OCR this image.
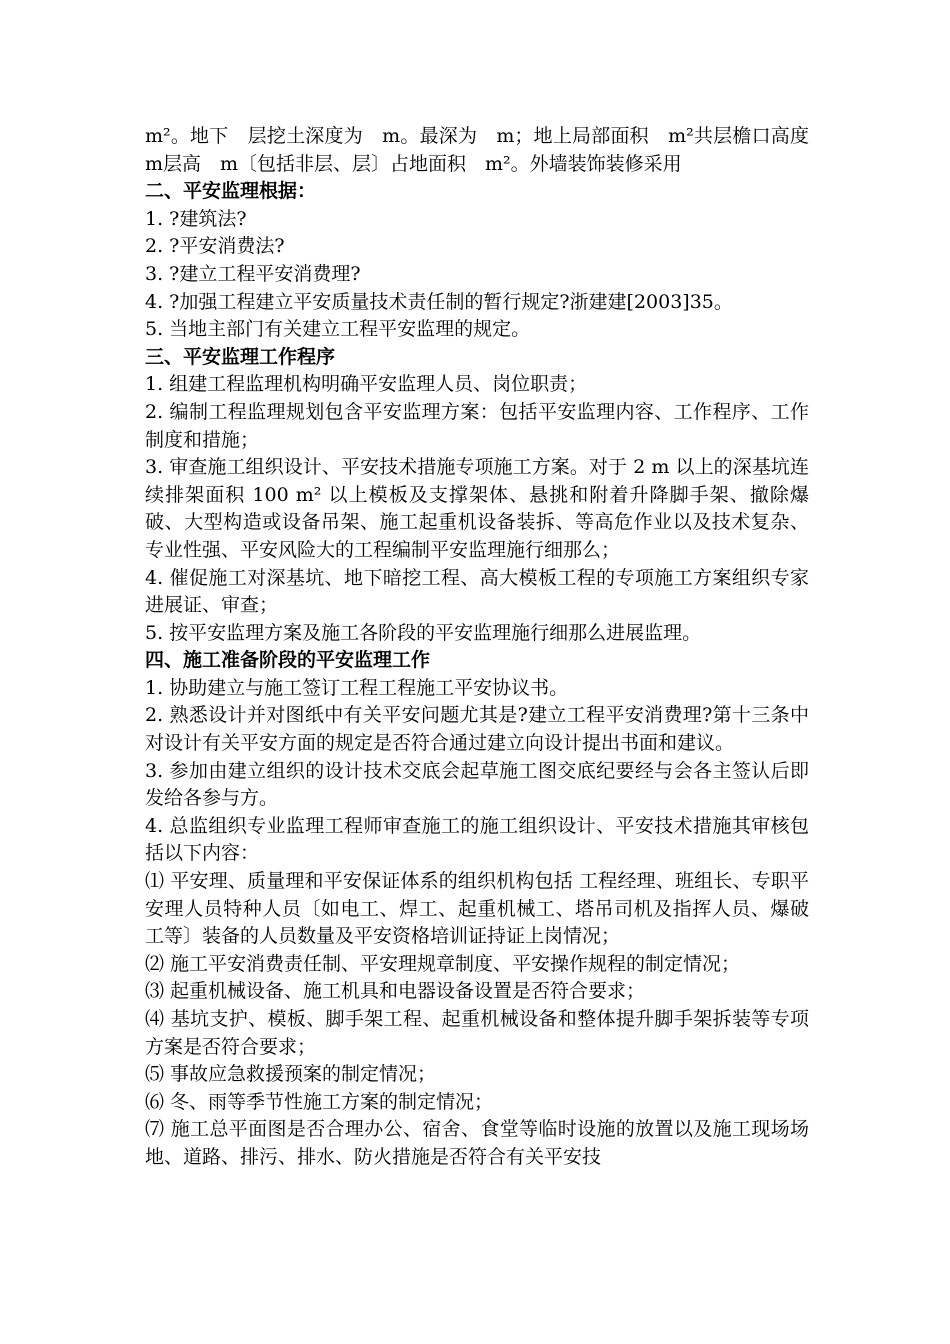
m²。地下　层挖土深度为　m。最深为　m；地上局部面积　m²共层檐口高度　m层高　m〔包括非层、层〕占地面积　m²。外墙装饰装修采用

二、平安监理根据：

1. ?建筑法?

2. ?平安消费法?

3. ?建立工程平安消费理?

4. ?加强工程建立平安质量技术责任制的暂行规定?浙建建[2003]35。

5. 当地主部门有关建立工程平安监理的规定。

三、平安监理工作程序

1. 组建工程监理机构明确平安监理人员、岗位职责；

2. 编制工程监理规划包含平安监理方案：包括平安监理内容、工作程序、工作制度和措施；

3. 审查施工组织设计、平安技术措施专项施工方案。对于 2 m 以上的深基坑连续排架面积 100 m² 以上模板及支撑架体、悬挑和附着升降脚手架、撤除爆破、大型构造或设备吊架、施工起重机设备装拆、等高危作业以及技术复杂、专业性强、平安风险大的工程编制平安监理施行细那么；

4. 催促施工对深基坑、地下暗挖工程、高大模板工程的专项施工方案组织专家进展证、审查；

5. 按平安监理方案及施工各阶段的平安监理施行细那么进展监理。

四、施工准备阶段的平安监理工作

1. 协助建立与施工签订工程工程施工平安协议书。

2. 熟悉设计并对图纸中有关平安问题尤其是?建立工程平安消费理?第十三条中对设计有关平安方面的规定是否符合通过建立向设计提出书面和建议。

3. 参加由建立组织的设计技术交底会起草施工图交底纪要经与会各主签认后即发给各参与方。

4. 总监组织专业监理工程师审查施工的施工组织设计、平安技术措施其审核包括以下内容：

⑴ 平安理、质量理和平安保证体系的组织机构包括 工程经理、班组长、专职平安理人员特种人员〔如电工、焊工、起重机械工、塔吊司机及指挥人员、爆破工等〕装备的人员数量及平安资格培训证持证上岗情况；

⑵ 施工平安消费责任制、平安理规章制度、平安操作规程的制定情况；

⑶ 起重机械设备、施工机具和电器设备设置是否符合要求；

⑷ 基坑支护、模板、脚手架工程、起重机械设备和整体提升脚手架拆装等专项方案是否符合要求；

⑸ 事故应急救援预案的制定情况；

⑹ 冬、雨等季节性施工方案的制定情况；

⑺ 施工总平面图是否合理办公、宿舍、食堂等临时设施的放置以及施工现场场地、道路、排污、排水、防火措施是否符合有关平安技
